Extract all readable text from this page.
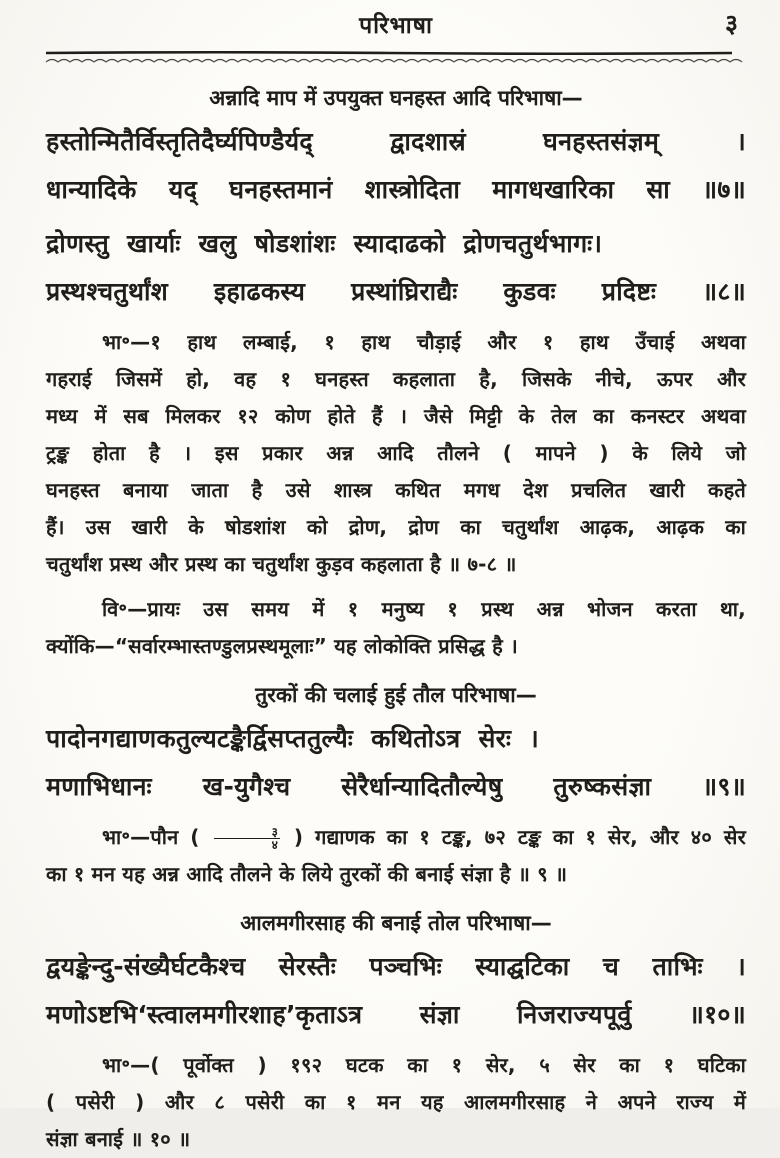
परिभाषा	३
अन्नादि माप में उपयुक्त घनहस्त आदि परिभाषा—
हस्तोन्मितैर्विस्तृतिदैर्घ्यपिण्डैर्यद् द्वादशास्रं घनहस्तसंज्ञम् ।
धान्यादिके यद् घनहस्तमानं शास्त्रोदिता मागधखारिका सा ॥७॥
द्रोणस्तु खार्याः खलु षोडशांशः स्यादाढको द्रोणचतुर्थभागः।
प्रस्थश्चतुर्थांश इहाढकस्य प्रस्थांघ्रिराद्यैः कुडवः प्रदिष्टः ॥८॥
भा॰—१ हाथ लम्बाई, १ हाथ चौड़ाई और १ हाथ उँचाई अथवा
गहराई जिसमें हो, वह १ घनहस्त कहलाता है, जिसके नीचे, ऊपर और
मध्य में सब मिलकर १२ कोण होते हैं । जैसे मिट्टी के तेल का कनस्टर अथवा
ट्रङ्क होता है । इस प्रकार अन्न आदि तौलने ( मापने ) के लिये जो
घनहस्त बनाया जाता है उसे शास्त्र कथित मगध देश प्रचलित खारी कहते
हैं। उस खारी के षोडशांश को द्रोण, द्रोण का चतुर्थांश आढ़क, आढ़क का
चतुर्थांश प्रस्थ और प्रस्थ का चतुर्थांश कुड़व कहलाता है ॥ ७-८ ॥
वि॰—प्रायः उस समय में १ मनुष्य १ प्रस्थ अन्न भोजन करता था,
क्योंकि—“सर्वारम्भास्तण्डुलप्रस्थमूलाः” यह लोकोक्ति प्रसिद्ध है ।
तुरकों की चलाई हुई तौल परिभाषा—
पादोनगद्याणकतुल्यटङ्कैर्द्विसप्ततुल्यैः कथितोऽत्र सेरः ।
मणाभिधानः ख-युगैश्च सेरैर्धान्यादितौल्येषु तुरुष्कसंज्ञा ॥९॥
भा॰—पौन ( $\frac{३}{४}$ ) गद्याणक का १ टङ्क, ७२ टङ्क का १ सेर, और ४० सेर
का १ मन यह अन्न आदि तौलने के लिये तुरकों की बनाई संज्ञा है ॥ ९ ॥
आलमगीरसाह की बनाई तोल परिभाषा—
द्वयङ्केन्दु-संख्यैर्घटकैश्च सेरस्तैः पञ्चभिः स्याद्घटिका च ताभिः ।
मणोऽष्टभि‘स्त्वालमगीरशाह’कृताऽत्र संज्ञा निजराज्यपूर्वु ॥१०॥
भा॰—( पूर्वोक्त ) १९२ घटक का १ सेर, ५ सेर का १ घटिका
( पसेरी ) और ८ पसेरी का १ मन यह आलमगीरसाह ने अपने राज्य में
संज्ञा बनाई ॥ १० ॥
